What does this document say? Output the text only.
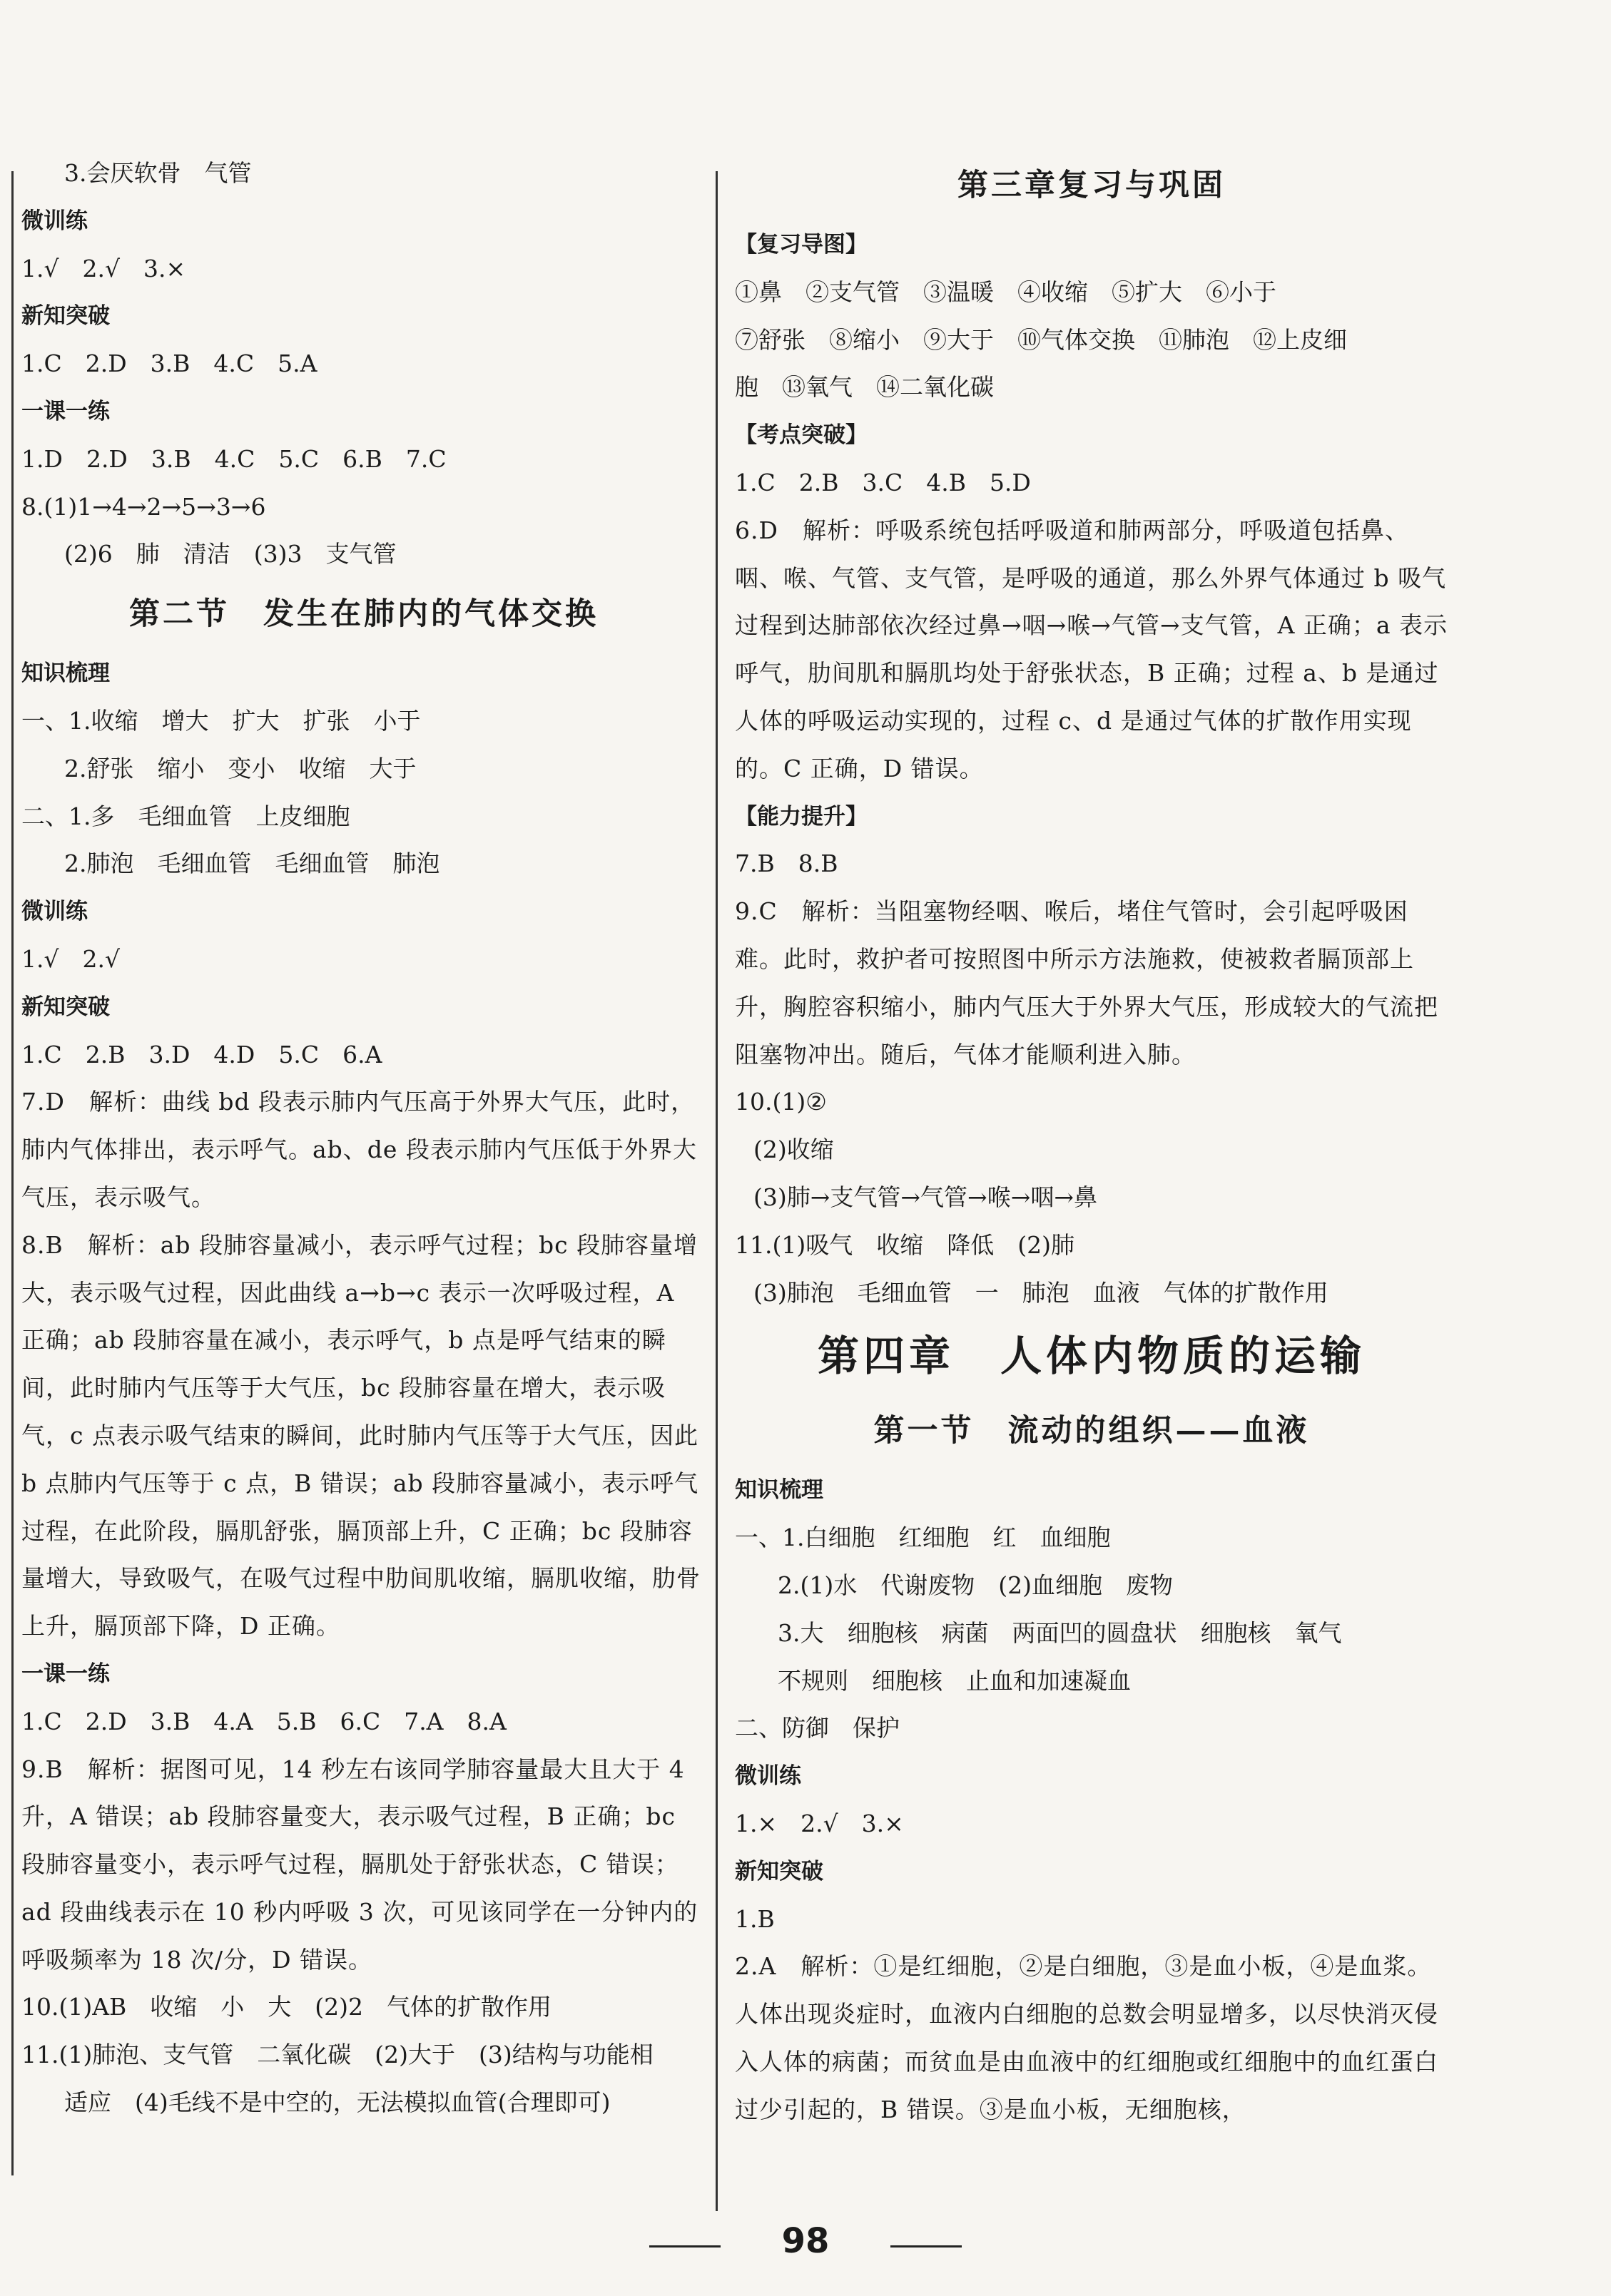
3.会厌软骨　气管
微训练
1.√　2.√　3.×
新知突破
1.C　2.D　3.B　4.C　5.A
一课一练
1.D　2.D　3.B　4.C　5.C　6.B　7.C
8.(1)1→4→2→5→3→6
(2)6　肺　清洁　(3)3　支气管
第二节　发生在肺内的气体交换
知识梳理
一、1.收缩　增大　扩大　扩张　小于
2.舒张　缩小　变小　收缩　大于
二、1.多　毛细血管　上皮细胞
2.肺泡　毛细血管　毛细血管　肺泡
微训练
1.√　2.√
新知突破
1.C　2.B　3.D　4.D　5.C　6.A
7.D　解析：曲线 bd 段表示肺内气压高于外界大气压，此时，肺内气体排出，表示呼气。ab、de 段表示肺内气压低于外界大气压，表示吸气。
8.B　解析：ab 段肺容量减小，表示呼气过程；bc 段肺容量增大，表示吸气过程，因此曲线 a→b→c 表示一次呼吸过程，A 正确；ab 段肺容量在减小，表示呼气，b 点是呼气结束的瞬间，此时肺内气压等于大气压，bc 段肺容量在增大，表示吸气，c 点表示吸气结束的瞬间，此时肺内气压等于大气压，因此 b 点肺内气压等于 c 点，B 错误；ab 段肺容量减小，表示呼气过程，在此阶段，膈肌舒张，膈顶部上升，C 正确；bc 段肺容量增大，导致吸气，在吸气过程中肋间肌收缩，膈肌收缩，肋骨上升，膈顶部下降，D 正确。
一课一练
1.C　2.D　3.B　4.A　5.B　6.C　7.A　8.A
9.B　解析：据图可见，14 秒左右该同学肺容量最大且大于 4 升，A 错误；ab 段肺容量变大，表示吸气过程，B 正确；bc 段肺容量变小，表示呼气过程，膈肌处于舒张状态，C 错误；ad 段曲线表示在 10 秒内呼吸 3 次，可见该同学在一分钟内的呼吸频率为 18 次/分，D 错误。
10.(1)AB　收缩　小　大　(2)2　气体的扩散作用
11.(1)肺泡、支气管　二氧化碳　(2)大于　(3)结构与功能相
适应　(4)毛线不是中空的，无法模拟血管(合理即可)
第三章复习与巩固
【复习导图】
①鼻　②支气管　③温暖　④收缩　⑤扩大　⑥小于
⑦舒张　⑧缩小　⑨大于　⑩气体交换　⑪肺泡　⑫上皮细
胞　⑬氧气　⑭二氧化碳
【考点突破】
1.C　2.B　3.C　4.B　5.D
6.D　解析：呼吸系统包括呼吸道和肺两部分，呼吸道包括鼻、咽、喉、气管、支气管，是呼吸的通道，那么外界气体通过 b 吸气过程到达肺部依次经过鼻→咽→喉→气管→支气管，A 正确；a 表示呼气，肋间肌和膈肌均处于舒张状态，B 正确；过程 a、b 是通过人体的呼吸运动实现的，过程 c、d 是通过气体的扩散作用实现的。C 正确，D 错误。
【能力提升】
7.B　8.B
9.C　解析：当阻塞物经咽、喉后，堵住气管时，会引起呼吸困难。此时，救护者可按照图中所示方法施救，使被救者膈顶部上升，胸腔容积缩小，肺内气压大于外界大气压，形成较大的气流把阻塞物冲出。随后，气体才能顺利进入肺。
10.(1)②
(2)收缩
(3)肺→支气管→气管→喉→咽→鼻
11.(1)吸气　收缩　降低　(2)肺
(3)肺泡　毛细血管　一　肺泡　血液　气体的扩散作用
第四章　人体内物质的运输
第一节　流动的组织——血液
知识梳理
一、1.白细胞　红细胞　红　血细胞
2.(1)水　代谢废物　(2)血细胞　废物
3.大　细胞核　病菌　两面凹的圆盘状　细胞核　氧气
不规则　细胞核　止血和加速凝血
二、防御　保护
微训练
1.×　2.√　3.×
新知突破
1.B
2.A　解析：①是红细胞，②是白细胞，③是血小板，④是血浆。人体出现炎症时，血液内白细胞的总数会明显增多，以尽快消灭侵入人体的病菌；而贫血是由血液中的红细胞或红细胞中的血红蛋白过少引起的，B 错误。③是血小板，无细胞核，
98
